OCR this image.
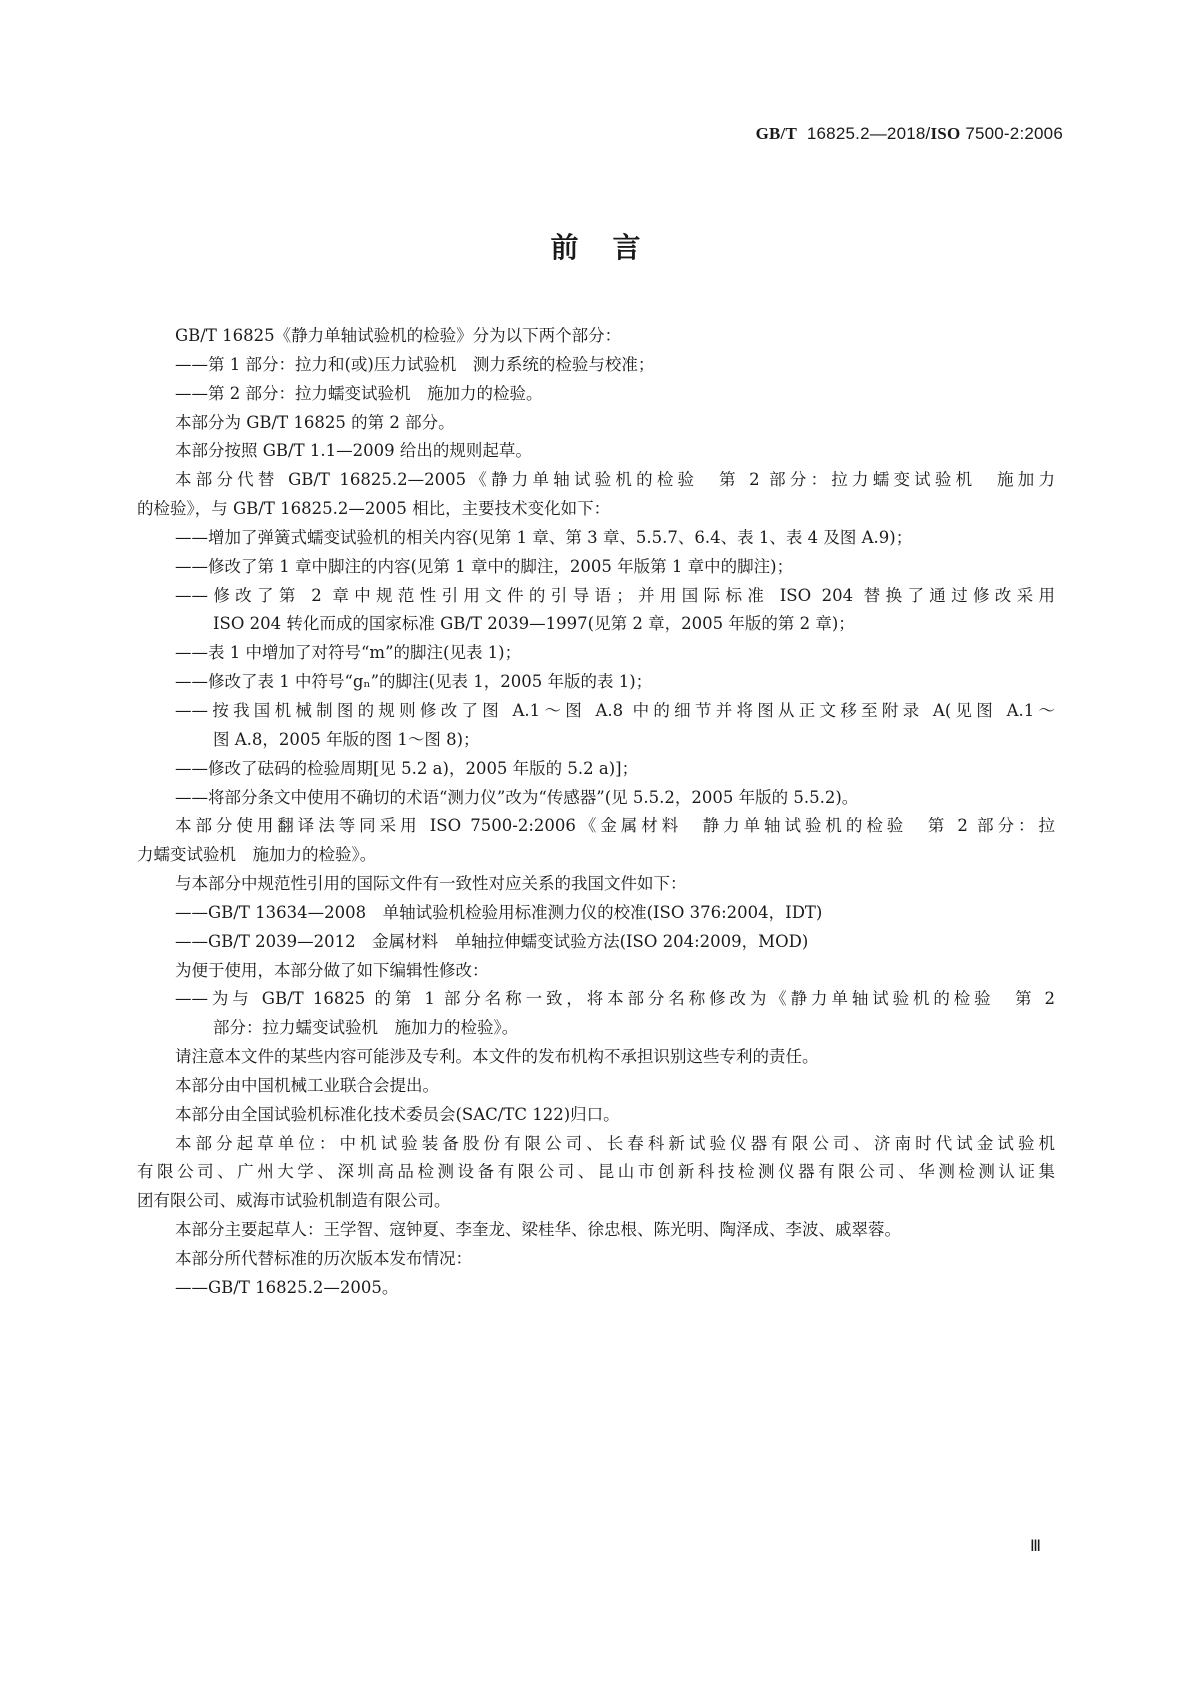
GB/T 16825.2—2018/ISO 7500-2:2006
前言
GB/T 16825《静力单轴试验机的检验》分为以下两个部分：
——第 1 部分：拉力和(或)压力试验机　测力系统的检验与校准；
——第 2 部分：拉力蠕变试验机　施加力的检验。
本部分为 GB/T 16825 的第 2 部分。
本部分按照 GB/T 1.1—2009 给出的规则起草。
本部分代替 GB/T 16825.2—2005《静力单轴试验机的检验　第 2 部分：拉力蠕变试验机　施加力
的检验》，与 GB/T 16825.2—2005 相比，主要技术变化如下：
——增加了弹簧式蠕变试验机的相关内容(见第 1 章、第 3 章、5.5.7、6.4、表 1、表 4 及图 A.9)；
——修改了第 1 章中脚注的内容(见第 1 章中的脚注，2005 年版第 1 章中的脚注)；
——修改了第 2 章中规范性引用文件的引导语；并用国际标准 ISO 204 替换了通过修改采用
ISO 204 转化而成的国家标准 GB/T 2039—1997(见第 2 章，2005 年版的第 2 章)；
——表 1 中增加了对符号“m”的脚注(见表 1)；
——修改了表 1 中符号“gₙ”的脚注(见表 1，2005 年版的表 1)；
——按我国机械制图的规则修改了图 A.1～图 A.8 中的细节并将图从正文移至附录 A(见图 A.1～
图 A.8，2005 年版的图 1～图 8)；
——修改了砝码的检验周期[见 5.2 a)，2005 年版的 5.2 a)]；
——将部分条文中使用不确切的术语“测力仪”改为“传感器”(见 5.5.2，2005 年版的 5.5.2)。
本部分使用翻译法等同采用 ISO 7500-2:2006《金属材料　静力单轴试验机的检验　第 2 部分：拉
力蠕变试验机　施加力的检验》。
与本部分中规范性引用的国际文件有一致性对应关系的我国文件如下：
——GB/T 13634—2008　单轴试验机检验用标准测力仪的校准(ISO 376:2004，IDT)
——GB/T 2039—2012　金属材料　单轴拉伸蠕变试验方法(ISO 204:2009，MOD)
为便于使用，本部分做了如下编辑性修改：
——为与 GB/T 16825 的第 1 部分名称一致，将本部分名称修改为《静力单轴试验机的检验　第 2
部分：拉力蠕变试验机　施加力的检验》。
请注意本文件的某些内容可能涉及专利。本文件的发布机构不承担识别这些专利的责任。
本部分由中国机械工业联合会提出。
本部分由全国试验机标准化技术委员会(SAC/TC 122)归口。
本部分起草单位：中机试验装备股份有限公司、长春科新试验仪器有限公司、济南时代试金试验机
有限公司、广州大学、深圳高品检测设备有限公司、昆山市创新科技检测仪器有限公司、华测检测认证集
团有限公司、威海市试验机制造有限公司。
本部分主要起草人：王学智、寇钟夏、李奎龙、梁桂华、徐忠根、陈光明、陶泽成、李波、戚翠蓉。
本部分所代替标准的历次版本发布情况：
——GB/T 16825.2—2005。
Ⅲ
